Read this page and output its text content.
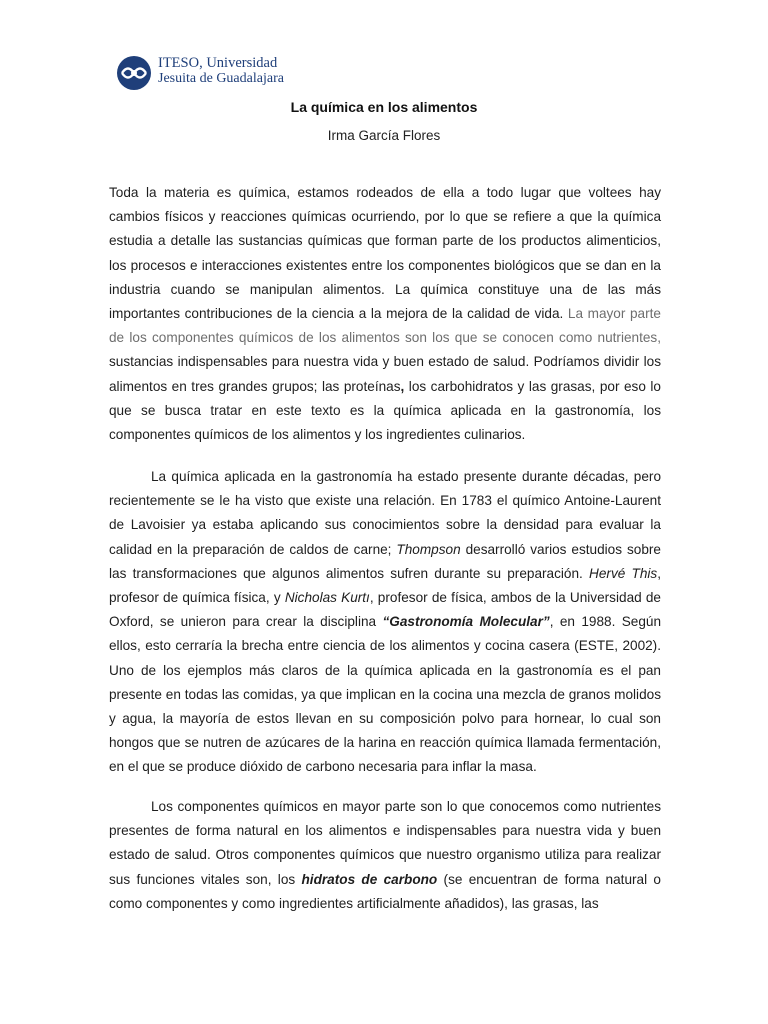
ITESO, Universidad
Jesuita de Guadalajara
La química en los alimentos
Irma García Flores

Toda la materia es química, estamos rodeados de ella a todo lugar que voltees hay cambios físicos y reacciones químicas ocurriendo, por lo que se refiere a que la química estudia a detalle las sustancias químicas que forman parte de los productos alimenticios, los procesos e interacciones existentes entre los componentes biológicos que se dan en la industria cuando se manipulan alimentos. La química constituye una de las más importantes contribuciones de la ciencia a la mejora de la calidad de vida. La mayor parte de los componentes químicos de los alimentos son los que se conocen como nutrientes, sustancias indispensables para nuestra vida y buen estado de salud. Podríamos dividir los alimentos en tres grandes grupos; las proteínas, los carbohidratos y las grasas, por eso lo que se busca tratar en este texto es la química aplicada en la gastronomía, los componentes químicos de los alimentos y los ingredientes culinarios.

La química aplicada en la gastronomía ha estado presente durante décadas, pero recientemente se le ha visto que existe una relación. En 1783 el químico Antoine-Laurent de Lavoisier ya estaba aplicando sus conocimientos sobre la densidad para evaluar la calidad en la preparación de caldos de carne; Thompson desarrolló varios estudios sobre las transformaciones que algunos alimentos sufren durante su preparación. Hervé This, profesor de química física, y Nicholas Kurtı, profesor de física, ambos de la Universidad de Oxford, se unieron para crear la disciplina “Gastronomía Molecular”, en 1988. Según ellos, esto cerraría la brecha entre ciencia de los alimentos y cocina casera (ESTE, 2002). Uno de los ejemplos más claros de la química aplicada en la gastronomía es el pan presente en todas las comidas, ya que implican en la cocina una mezcla de granos molidos y agua, la mayoría de estos llevan en su composición polvo para hornear, lo cual son hongos que se nutren de azúcares de la harina en reacción química llamada fermentación, en el que se produce dióxido de carbono necesaria para inflar la masa.

Los componentes químicos en mayor parte son lo que conocemos como nutrientes presentes de forma natural en los alimentos e indispensables para nuestra vida y buen estado de salud. Otros componentes químicos que nuestro organismo utiliza para realizar sus funciones vitales son, los hidratos de carbono (se encuentran de forma natural o como componentes y como ingredientes artificialmente añadidos), las grasas, las
